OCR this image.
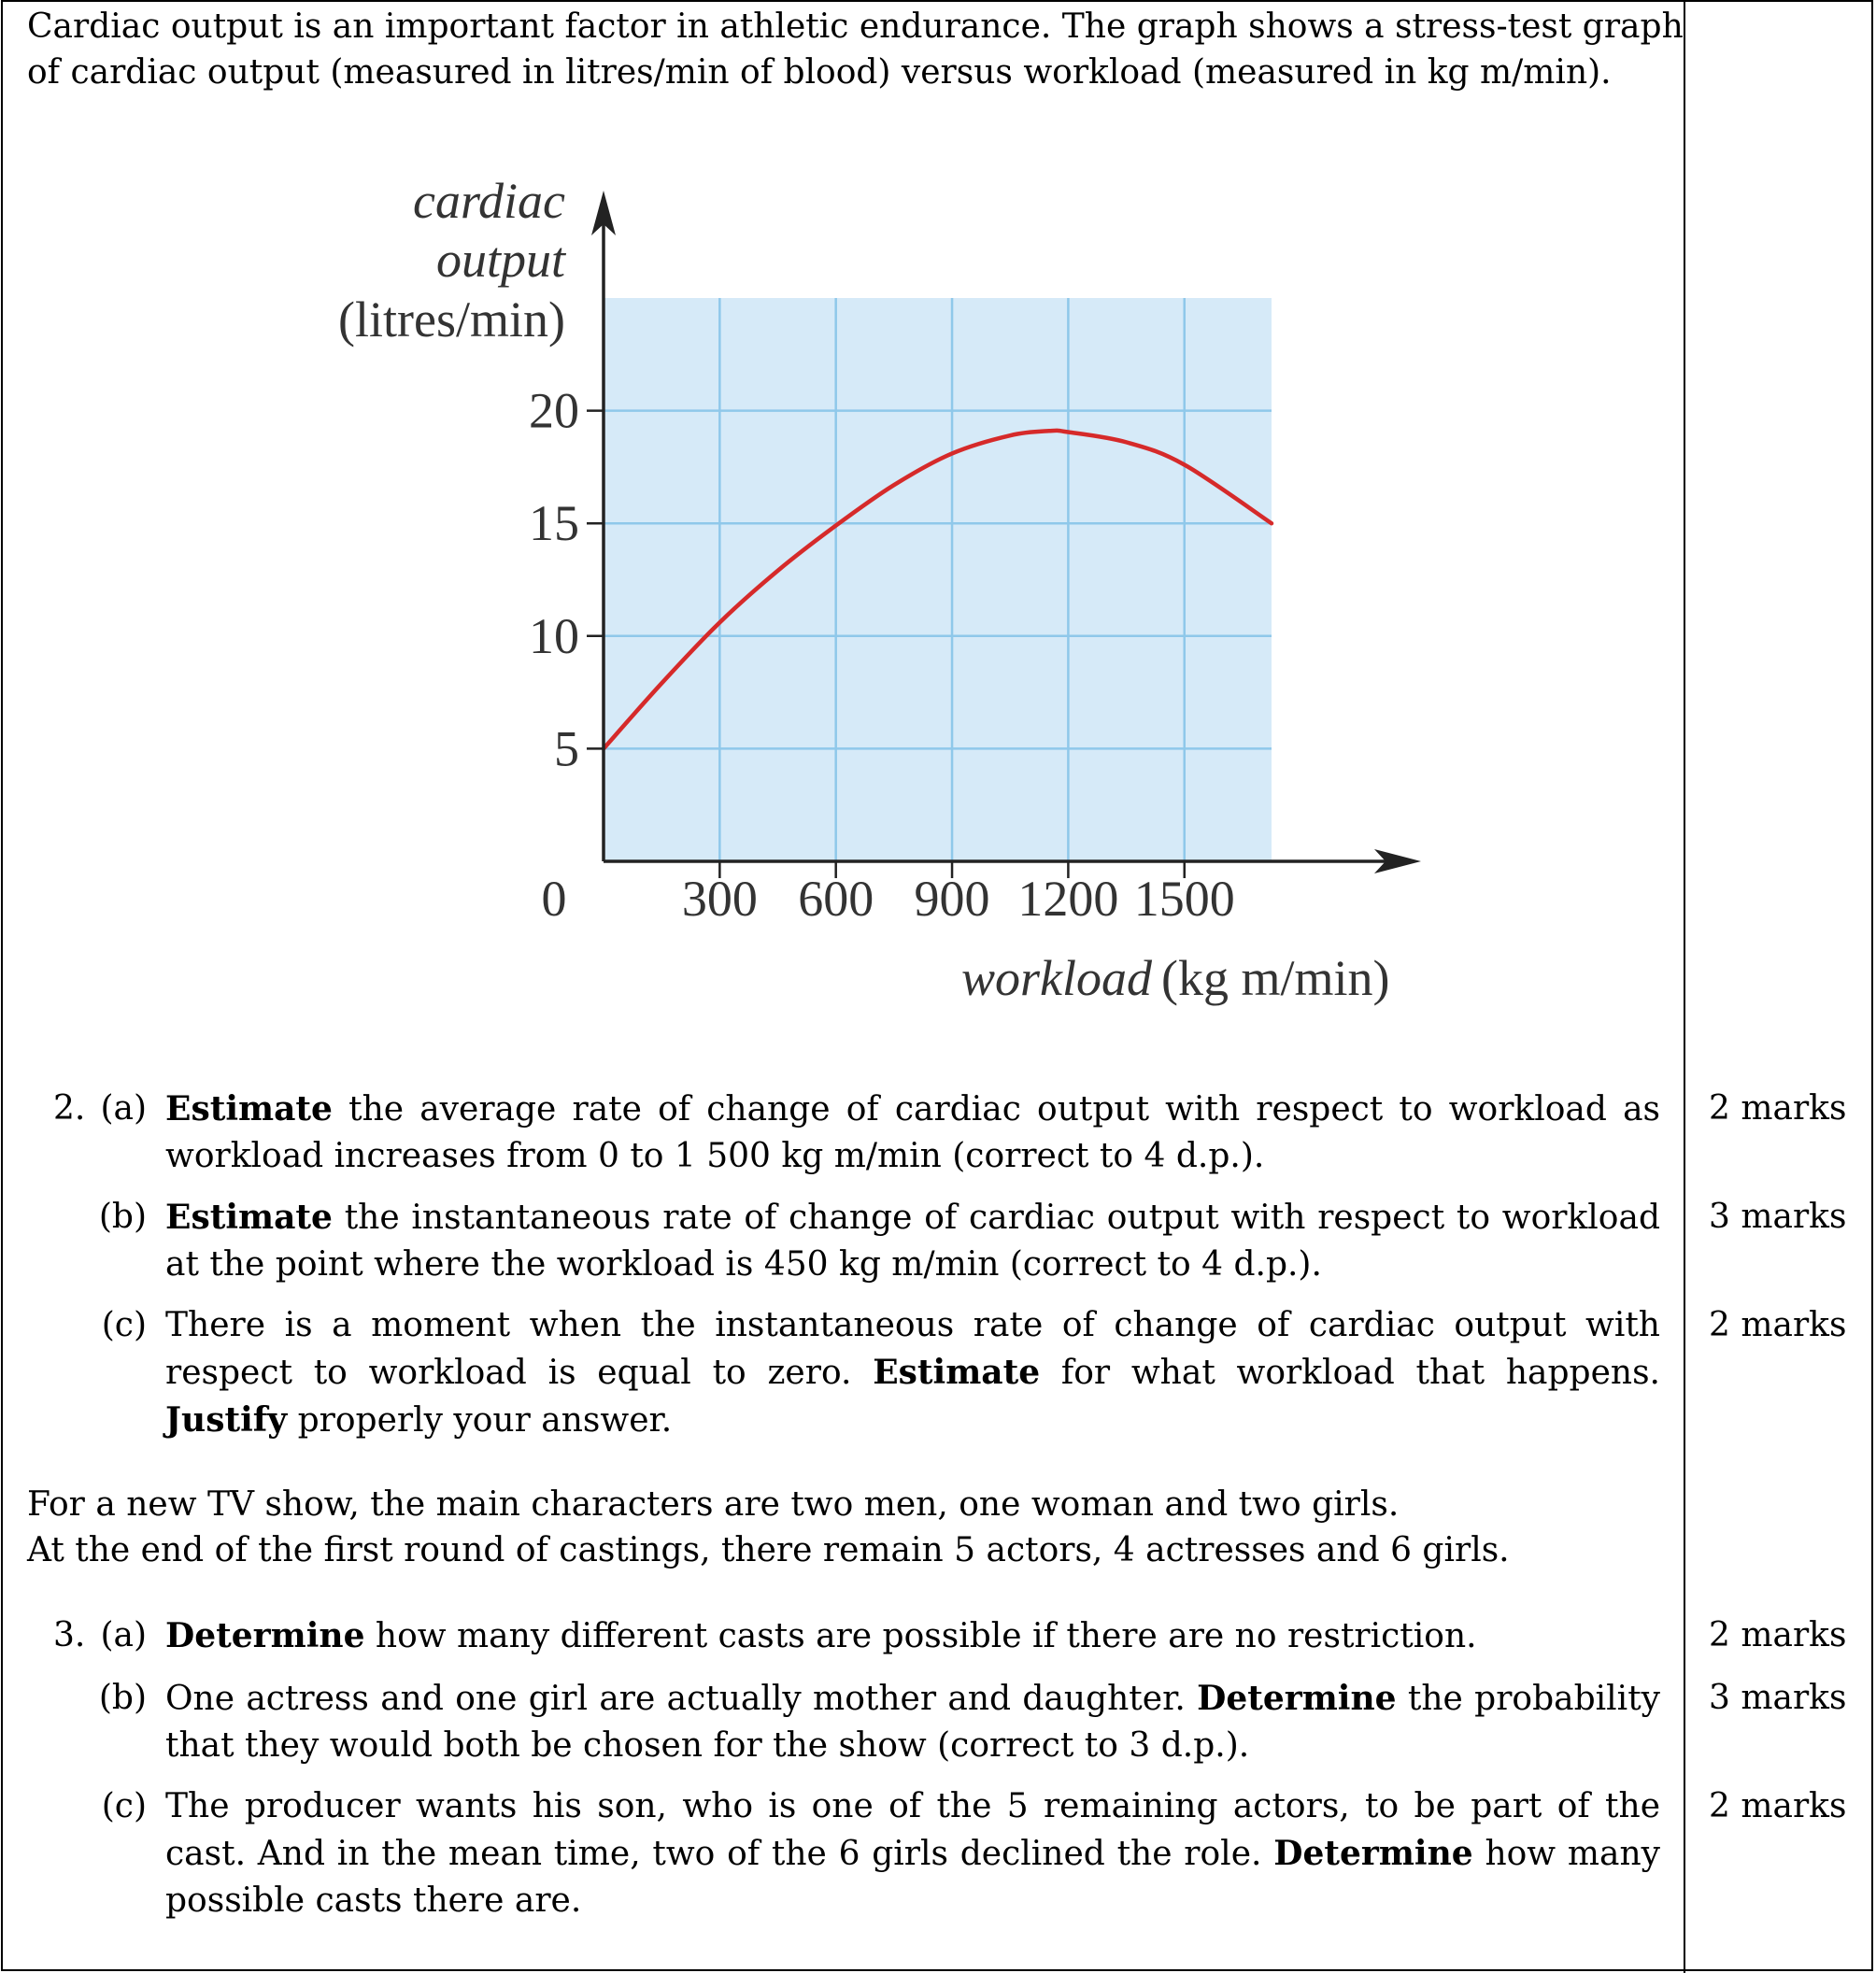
Cardiac output is an important factor in athletic endurance. The graph shows a stress-test graph
of cardiac output (measured in litres/min of blood) versus workload (measured in kg m/min).
5
10
15
20
300 600 900 1200 1500
cardiac
output
(litres/min)
workload (kg m/min)
0
2. (a) Estimate the average rate of change of cardiac output with respect to workload as workload increases from 0 to 1 500 kg m/min (correct to 4 d.p.).
2 marks
(b) Estimate the instantaneous rate of change of cardiac output with respect to workload at the point where the workload is 450 kg m/min (correct to 4 d.p.).
3 marks
(c) There is a moment when the instantaneous rate of change of cardiac output with respect to workload is equal to zero. Estimate for what workload that happens. Justify properly your answer.
2 marks
For a new TV show, the main characters are two men, one woman and two girls.
At the end of the first round of castings, there remain 5 actors, 4 actresses and 6 girls.
3. (a) Determine how many different casts are possible if there are no restriction.	2 marks
(b) One actress and one girl are actually mother and daughter. Determine the probability that they would both be chosen for the show (correct to 3 d.p.).
3 marks
(c) The producer wants his son, who is one of the 5 remaining actors, to be part of the cast. And in the mean time, two of the 6 girls declined the role. Determine how many possible casts there are.
2 marks
